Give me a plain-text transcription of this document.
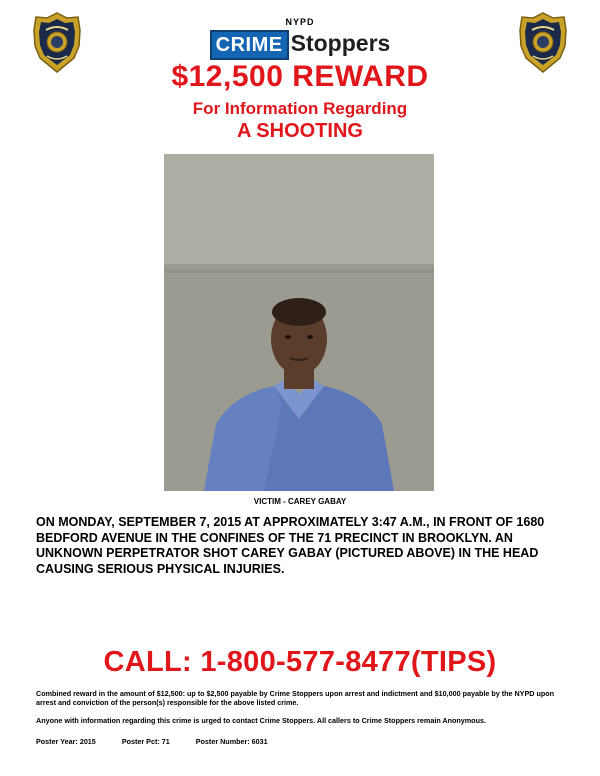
NYPD
CRIME Stoppers
$12,500 REWARD
For Information Regarding
A SHOOTING
VICTIM - CAREY GABAY

ON MONDAY, SEPTEMBER 7, 2015 AT APPROXIMATELY 3:47 A.M., IN FRONT OF 1680 BEDFORD AVENUE IN THE CONFINES OF THE 71 PRECINCT IN BROOKLYN. AN UNKNOWN PERPETRATOR SHOT CAREY GABAY (PICTURED ABOVE) IN THE HEAD CAUSING SERIOUS PHYSICAL INJURIES.

CALL: 1-800-577-8477(TIPS)

Combined reward in the amount of $12,500: up to $2,500 payable by Crime Stoppers upon arrest and indictment and $10,000 payable by the NYPD upon arrest and conviction of the person(s) responsible for the above listed crime.

Anyone with information regarding this crime is urged to contact Crime Stoppers. All callers to Crime Stoppers remain Anonymous.

Poster Year: 2015	Poster Pct: 71	Poster Number: 6031
